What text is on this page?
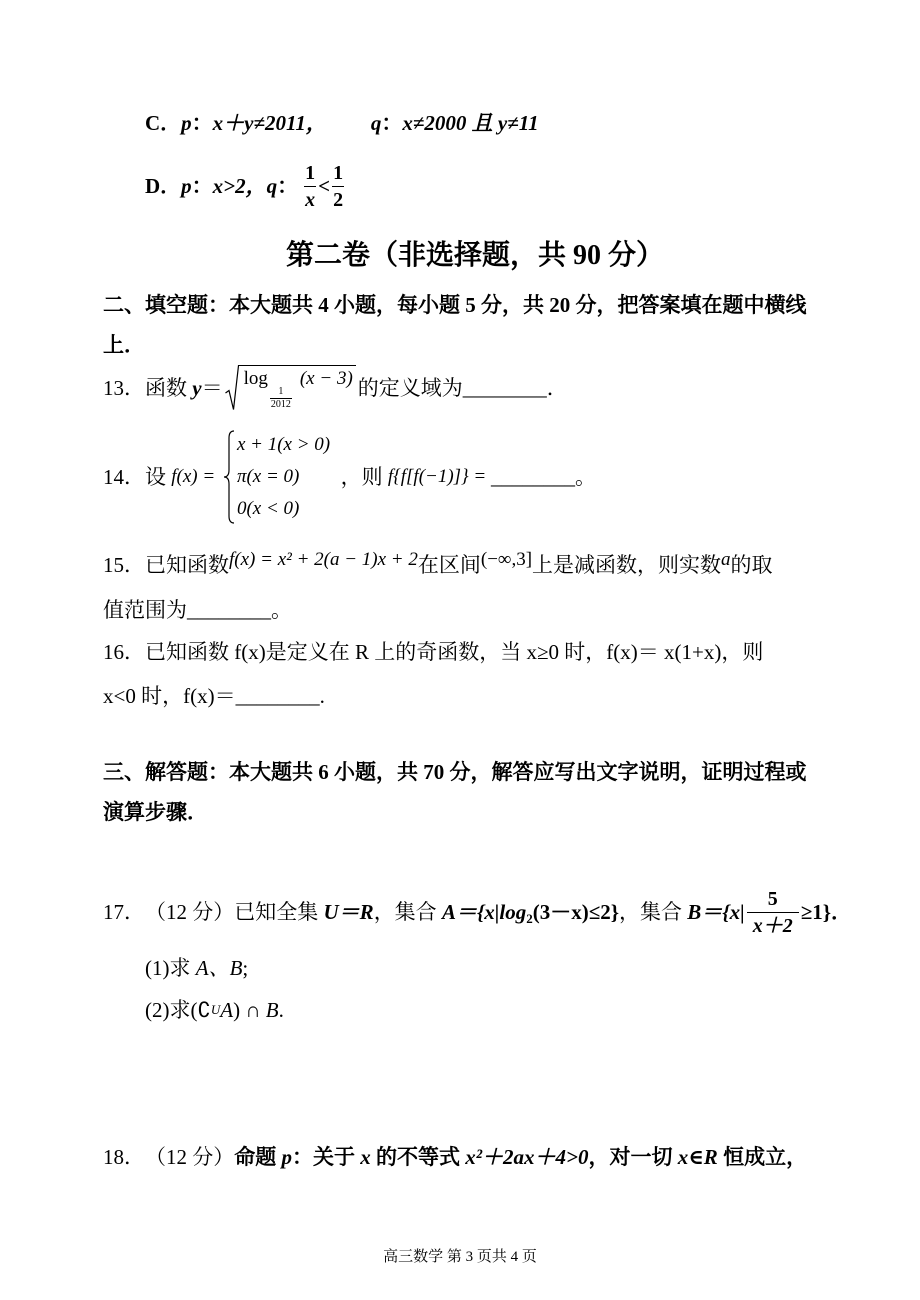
C． p ： x＋y≠2011， q ： x≠2000 且 y≠11
D． p ： x>2， q ： $\frac{1}{x} < \frac{1}{2}$
第二卷（非选择题，共 90 分）
二、填空题：本大题共 4 小题，每小题 5 分，共 20 分，把答案填在题中横线
上．
13． 函数 y ＝ log
$\frac{1}{2012}$
(x − 3) 的定义域为 ________ ．
14． 设 f(x) =
x + 1(x > 0)
π(x = 0)
0(x < 0)
，则 f{f[f(−1)]} = ________ 。
15． 已知函数 f(x) = x² + 2(a − 1)x + 2 在区间 (−∞,3] 上是减函数，则实数 a 的取
值范围为 ________ 。
16．已知函数 f(x)是定义在 R 上的奇函数，当 x≥0 时，f(x)＝ x(1+x)，则
x<0 时，f(x)＝ ________ .
三、解答题：本大题共 6 小题，共 70 分，解答应写出文字说明，证明过程或
演算步骤．
17． （12 分） 已知全集 U＝R ，集合 $A=\{x|\log_2(3-x)\le 2\}$ ，集合 $B=\{x| \frac{5}{x+2} \ge 1\}$ ．
(1)求 A、B ;
(2)求( ∁ U A ) ∩ B .
18． （12 分） 命题 p ：关于 x 的不等式 x²＋2ax＋4>0 ，对一切 x∈R 恒成立，
高三数学 第 3 页共 4 页
